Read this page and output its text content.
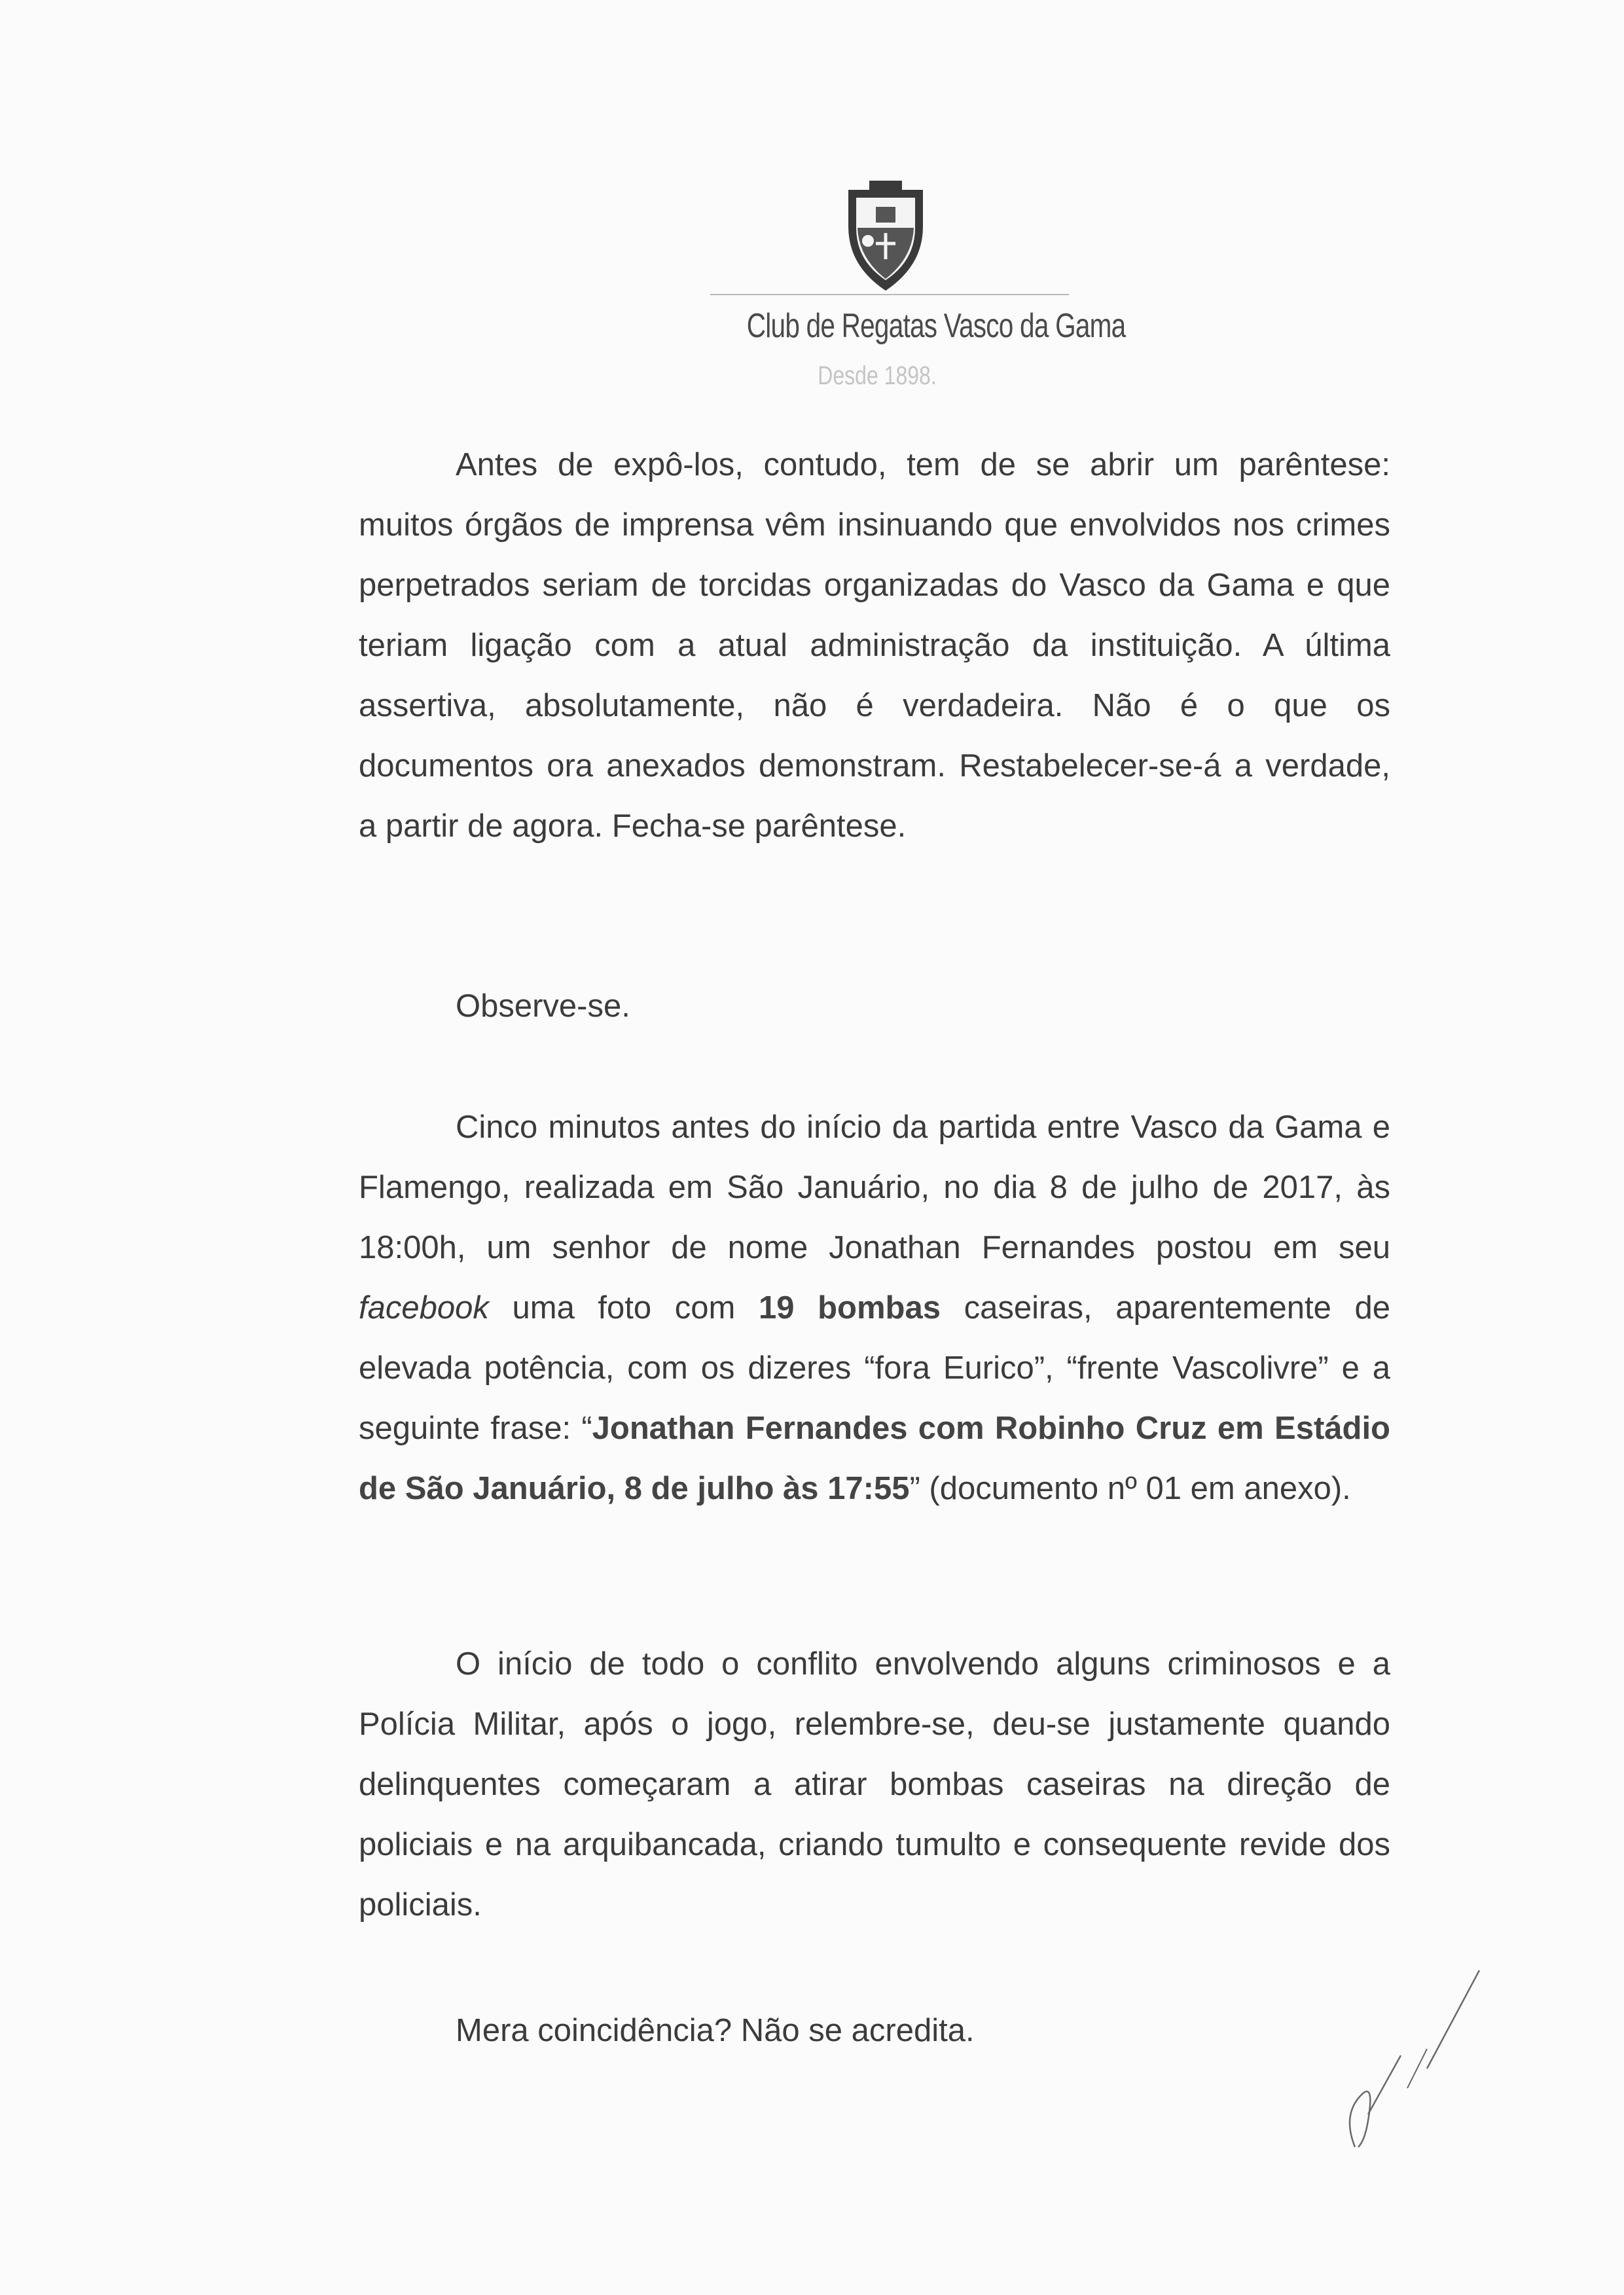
Club de Regatas Vasco da Gama
Desde 1898.
Antes de expô-los, contudo, tem de se abrir um parêntese: muitos órgãos de imprensa vêm insinuando que envolvidos nos crimes perpetrados seriam de torcidas organizadas do Vasco da Gama e que teriam ligação com a atual administração da instituição. A última assertiva, absolutamente, não é verdadeira. Não é o que os documentos ora anexados demonstram. Restabelecer-se-á a verdade, a partir de agora. Fecha-se parêntese.
Observe-se.
Cinco minutos antes do início da partida entre Vasco da Gama e Flamengo, realizada em São Januário, no dia 8 de julho de 2017, às 18:00h, um senhor de nome Jonathan Fernandes postou em seu facebook uma foto com 19 bombas caseiras, aparentemente de elevada potência, com os dizeres “fora Eurico”, “frente Vascolivre” e a seguinte frase: “Jonathan Fernandes com Robinho Cruz em Estádio de São Januário, 8 de julho às 17:55” (documento nº 01 em anexo).
O início de todo o conflito envolvendo alguns criminosos e a Polícia Militar, após o jogo, relembre-se, deu-se justamente quando delinquentes começaram a atirar bombas caseiras na direção de policiais e na arquibancada, criando tumulto e consequente revide dos policiais.
Mera coincidência? Não se acredita.
